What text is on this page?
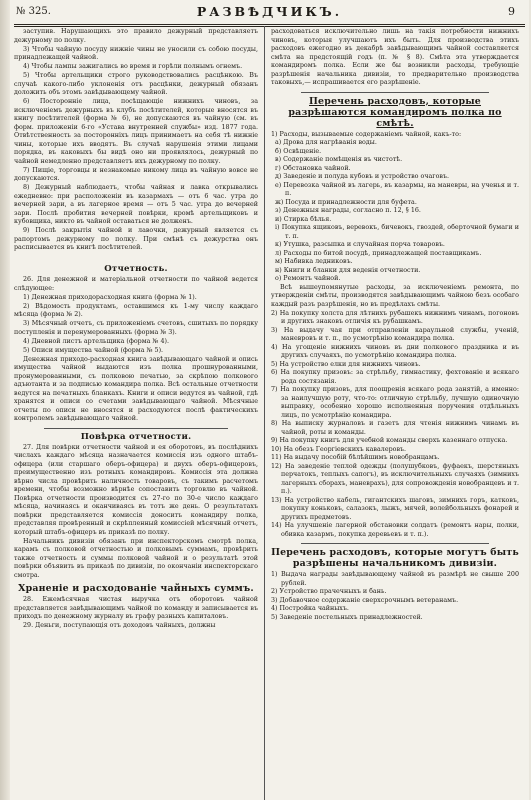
№ 325.	РАЗВѢДЧИКЪ.	9
заступив. Нарушающихъ это правило дежурный представляетъ дежурному по полку.
3) Чтобы чайную посуду нижніе чины не уносили съ собою посуды, принадлежащей чайной.
4) Чтобы лампы зажигались во время и горѣли полнымъ огнемъ.
5) Чтобы артельщики строго руководствовались расцѣнкою. Въ случаѣ какого-либо уклоненія отъ расцѣнки, дежурный обязанъ доложить объ этомъ завѣдывающему чайной.
6) Посторонніе лица, посѣщающіе нижнихъ чиновъ, за исключеніемъ дежурныхъ въ клубъ посѣтителей, которые вносятся въ книгу посѣтителей (форма № 6), не допускаются въ чайную (см. въ форм. приложеніи 6-го «Устава внутренней службы» изд. 1877 года. Отвѣтственность за посторонніхъ лицъ принимаетъ на себя тѣ нижніе чины, которые ихъ вводятъ. Въ случаѣ нарушенія этими лицами порядка, въ каковыхъ бы видѣ оно ни проявлялось, дежурный по чайной немедленно представляетъ ихъ дежурному по полку.
7) Пищіе, торговцы и незнакомые никому лица въ чайную вовсе не допускаются.
8) Дежурный наблюдаетъ, чтобы чайная и лавка открывались ежедневно: при расположеніи въ казармахъ — отъ 6 час. утра до вечерней зари, а въ лагерное время — отъ 5 час. утра до вечерней зари. Послѣ пробития вечерней повѣрки, кромѣ артельщиковъ и кубовщика, никто въ чайной оставаться не долженъ.
9) Послѣ закрытія чайной и лавочки, дежурный является съ рапортомъ дежурному по полку. При смѣнѣ съ дежурства онъ расписывается въ книгѣ посѣтителей.
Отчетность.
26. Для денежной и матеріальной отчетности по чайной ведется слѣдующее:
1) Денежная приходорасходная книга (форма № 1).
2) Вѣдомость продуктамъ, оставшимся къ 1-му числу каждаго мѣсяца (форма № 2).
3) Мѣсячный отчетъ, съ приложеніемъ счетовъ, сшитыхъ по порядку поступленія и перенумерованныхъ (форма № 3).
4) Дневной листъ артельщика (форма № 4).
5) Описи имущества чайной (форма № 5).
Денежная приходо-расходная книга завѣдывающаго чайной и опись имущества чайной выдаются изъ полка прошнурованными, пронумерованными, съ полковою печатью, за скрѣпою полкового адъютанта и за подписью командира полка. Всѣ остальные отчетности ведутся на печатныхъ бланкахъ. Книги и описи ведутся въ чайной, гдѣ хранятся и описи со счетами завѣдывающаго чайной. Мѣсячные отчеты по описи не вносятся и расходуются послѣ фактическихъ контролемъ завѣдывающаго чайной.
Повѣрка отчетности.
27. Для повѣрки отчетности чайной и ея оборотовъ, въ послѣднихъ числахъ каждаго мѣсяца назначается комиссія изъ одного штабъ-офицера (или старшаго оберъ-офицера) и двухъ оберъ-офицеровъ, преимущественно изъ ротныхъ командировъ. Комиссія эта должна вѣрно числа провѣрить наличность товаровъ, съ такимъ расчетомъ времени, чтобы возможно вѣрнѣе сопоставить торговлю въ чайной. Повѣрка отчетности производится съ 27-го по 30-е число каждаго мѣсяца, начинаясь и оканчиваясь въ тотъ же день. О результатахъ повѣрки представляется комиссія доноситъ командиру полка, представляя провѣренный и скрѣпленный комиссіей мѣсячный отчетъ, который штабъ-офицеръ въ приказѣ по полку.
Начальникъ дивизіи обязанъ при инспекторскомъ смотрѣ полка, карамъ съ полковой отчетностью и полковымъ суммамъ, провѣрить также отчетность и суммы полковой чайной и о результатѣ этой повѣрки объявить въ приказѣ по дивизіи, по окончаніи инспекторскаго смотра.
Храненіе и расходованіе чайныхъ суммъ.
28. Ежемѣсячная чистая выручка отъ оборотовъ чайной представляется завѣдывающимъ чайной по команду и записывается въ приходъ по денежному журналу въ графу разныхъ капиталовъ.
29. Деньги, поступающія отъ доходовъ чайныхъ, должны
расходоваться исключительно лишь на такія потребности нижнихъ чиновъ, которыя улучшаютъ ихъ быть. Для производства этихъ расходовъ ежегодно въ декабрѣ завѣдывающимъ чайной составляется смѣта на предстоящій годъ (п. № § 8). Смѣта эта утверждается командиромъ полка. Если же бы возникли расходы, требующіе разрѣшенія начальника дивизіи, то предварительно производства таковыхъ,— испрашивается его разрѣшеніе.
Перечень расходовъ, которые разрѣшаются командиромъ полка по смѣтѣ.
1) Расходы, вызываемые содержаніемъ чайной, какъ-то:
а) Дрова для нагрѣванія воды.
б) Освѣщеніе.
в) Содержаніе помѣщенія въ чистотѣ.
г) Обстановка чайной.
д) Заведеніе и полуда кубовъ и устройство очаговъ.
е) Перевозка чайной въ лагерь, въ казармы, на маневры, на ученья и т. п.
ж) Посуда и принадлежности для буфета.
з) Денежныя награды, согласно п. 12, § 16.
и) Стирка бѣлья.
і) Покупка ящиковъ, веревокъ, бичевокъ, гвоздей, оберточной бумаги и т. п.
к) Утушка, разсыпка и случайная порча товаровъ.
л) Расходы по битой посудѣ, принадлежащей поставщикамъ.
м) Набивка ледниковъ.
н) Книги и бланки для веденія отчетности.
о) Ремонтъ чайной.
Всѣ вышеупомянутые расходы, за исключеніемъ ремонта, по утвержденіи смѣты, производятся завѣдывающимъ чайною безъ особаго каждый разъ разрѣшенія, но въ предѣлахъ смѣты.
2) На покупку холста для лѣтнихъ рубашекъ нижнимъ чинамъ, погоновъ и другихъ знаковъ отличія къ рубашкамъ.
3) На выдачу чая при отправленіи караульной службы, ученій, маневровъ и т. п., по усмотрѣнію командира полка.
4) На угощеніе нижнихъ чиновъ въ дни полкового праздника и въ другихъ случаяхъ, по усмотрѣнію командира полка.
5) На устройство елки для нижнихъ чиновъ.
6) На покупку призовъ: за стрѣльбу, гимнастику, фехтованіе и всякаго рода состязанія.
7) На покупку призовъ, для поощренія всякаго рода занятій, а именно: за наилучшую роту, что-то: отличную стрѣльбу, лучшую одиночную выправку, особенно хорошо исполненныя поручения отдѣльныхъ лицъ, по усмотрѣнію командира.
8) На выписку журналовъ и газетъ для чтенія нижнимъ чинамъ въ чайной, роты и команды.
9) На покупку книгъ для учебной команды сверхъ казеннаго отпуска.
10) На обезъ Георгіевскихъ кавалеровъ.
11) На выдачу пособій бѣлѣйшимъ новобранцамъ.
12) На заведеніе теплой одежды (полушубковъ, фуфаекъ, шерстяныхъ перчатокъ, теплыхъ сапогъ), въ исключительныхъ случаяхъ (зимнихъ лагерныхъ сборахъ, маневрахъ), для сопровожденія новобранцевъ и т. п.).
13) На устройство кабель, гигантскихъ шаговъ, зимнихъ горъ, катковъ, покупку коньковъ, салазокъ, лыжъ, мячей, волейбольныхъ фонарей и другихъ предметовъ.
14) На улучшеніе лагерной обстановки солдатъ (ремонтъ нары, полки, обивка казармъ, покупка деревьевъ и т. п.).
Перечень расходовъ, которые могутъ быть разрѣшены начальникомъ дивизіи.
1) Выдача награды завѣдывающему чайной въ размѣрѣ не свыше 200 рублей.
2) Устройство прачечныхъ и бань.
3) Добавочное содержаніе сверхсрочнымъ ветеранамъ.
4) Постройка чайныхъ.
5) Заведеніе постельныхъ принадлежностей.
